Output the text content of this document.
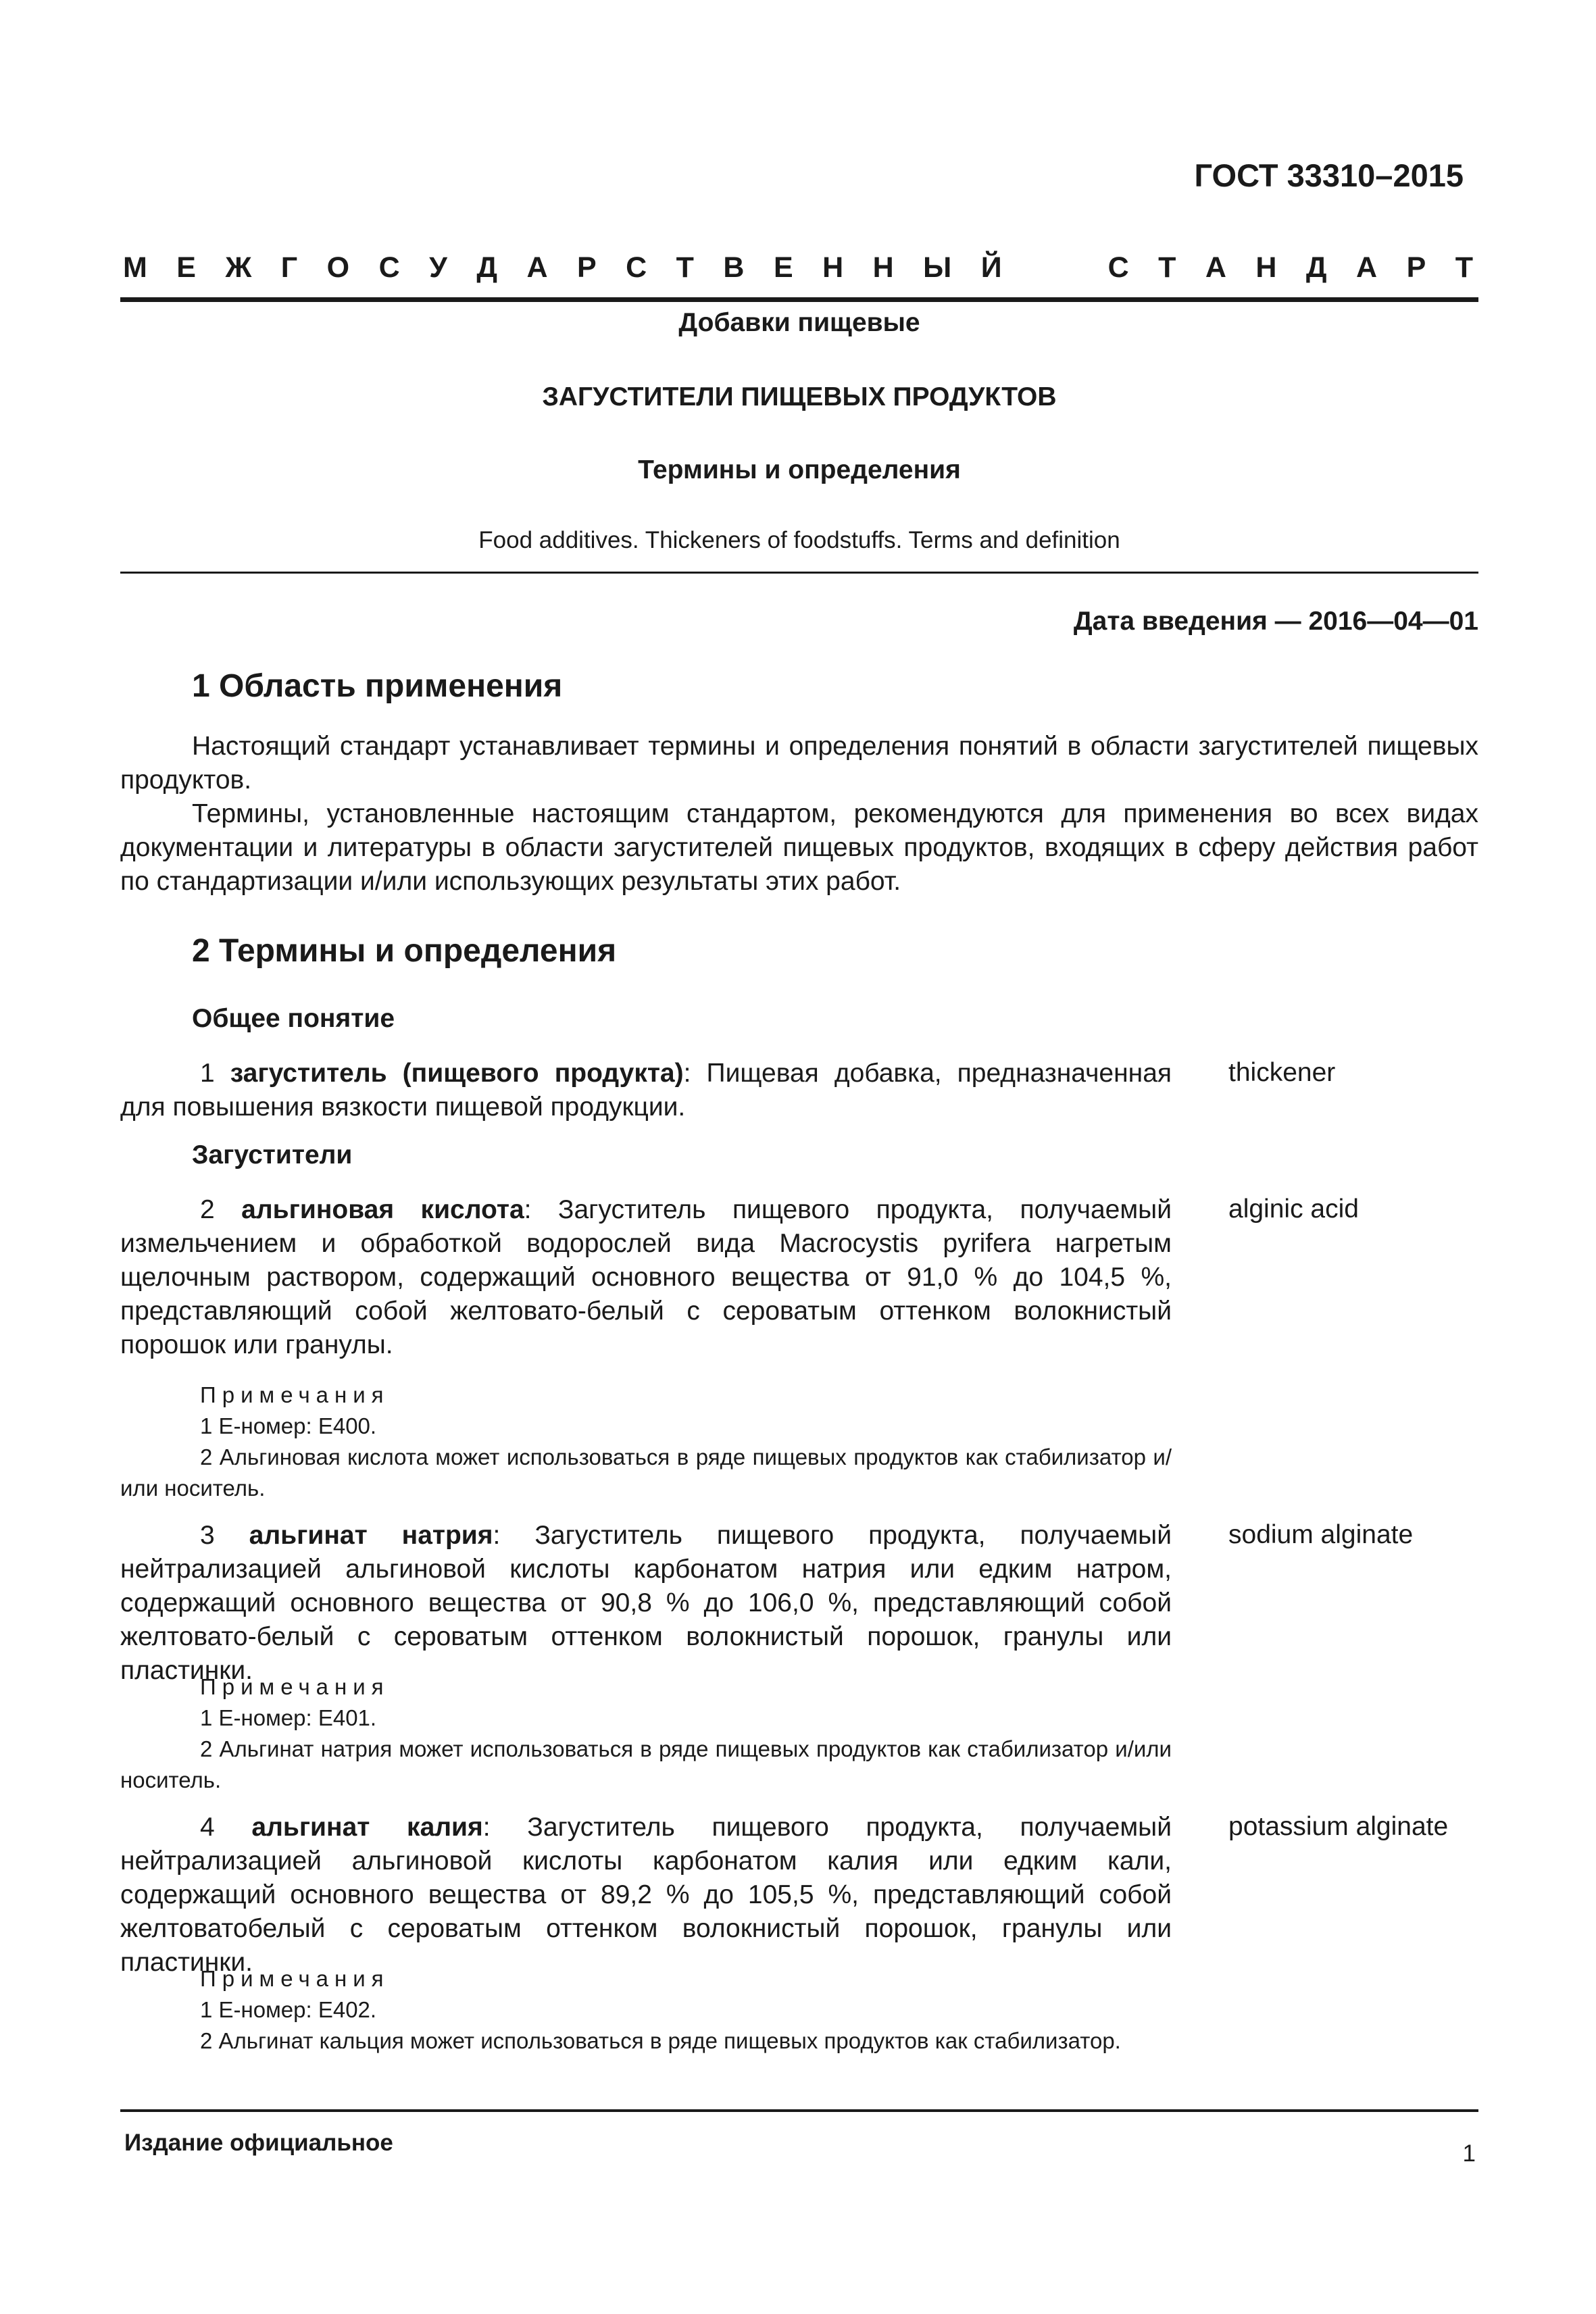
ГОСТ 33310–2015
М Е Ж Г О С У Д А Р С Т В Е Н Н Ы Й	С Т А Н Д А Р Т
Добавки пищевые
ЗАГУСТИТЕЛИ ПИЩЕВЫХ ПРОДУКТОВ
Термины и определения
Food additives. Thickeners of foodstuffs. Terms and definition
Дата введения — 2016—04—01
1 Область применения
Настоящий стандарт устанавливает термины и определения понятий в области загустителей пищевых продуктов.
Термины, установленные настоящим стандартом, рекомендуются для применения во всех видах документации и литературы в области загустителей пищевых продуктов, входящих в сферу действия работ по стандартизации и/или использующих результаты этих работ.
2 Термины и определения
Общее понятие
1 загуститель (пищевого продукта): Пищевая добавка, предназначенная для повышения вязкости пищевой продукции.
thickener
Загустители
2 альгиновая кислота: Загуститель пищевого продукта, получаемый измельчением и обработкой водорослей вида Macrocystis pyrifera нагретым щелочным раствором, содержащий основного вещества от 91,0 % до 104,5 %, представляющий собой желтовато-белый с сероватым оттенком волокнистый порошок или гранулы.
alginic acid
Примечания
1 Е-номер: Е400.
2 Альгиновая кислота может использоваться в ряде пищевых продуктов как стабилизатор и/или носитель.
3 альгинат натрия: Загуститель пищевого продукта, получаемый нейтрализацией альгиновой кислоты карбонатом натрия или едким натром, содержащий основного вещества от 90,8 % до 106,0 %, представляющий собой желтовато-белый с сероватым оттенком волокнистый порошок, гранулы или пластинки.
sodium alginate
Примечания
1 Е-номер: Е401.
2 Альгинат натрия может использоваться в ряде пищевых продуктов как стабилизатор и/или носитель.
4 альгинат калия: Загуститель пищевого продукта, получаемый нейтрализацией альгиновой кислоты карбонатом калия или едким кали, содержащий основного вещества от 89,2 % до 105,5 %, представляющий собой желтоватобелый с сероватым оттенком волокнистый порошок, гранулы или пластинки.
potassium alginate
Примечания
1 Е-номер: Е402.
2 Альгинат кальция может использоваться в ряде пищевых продуктов как стабилизатор.
Издание официальное	1
